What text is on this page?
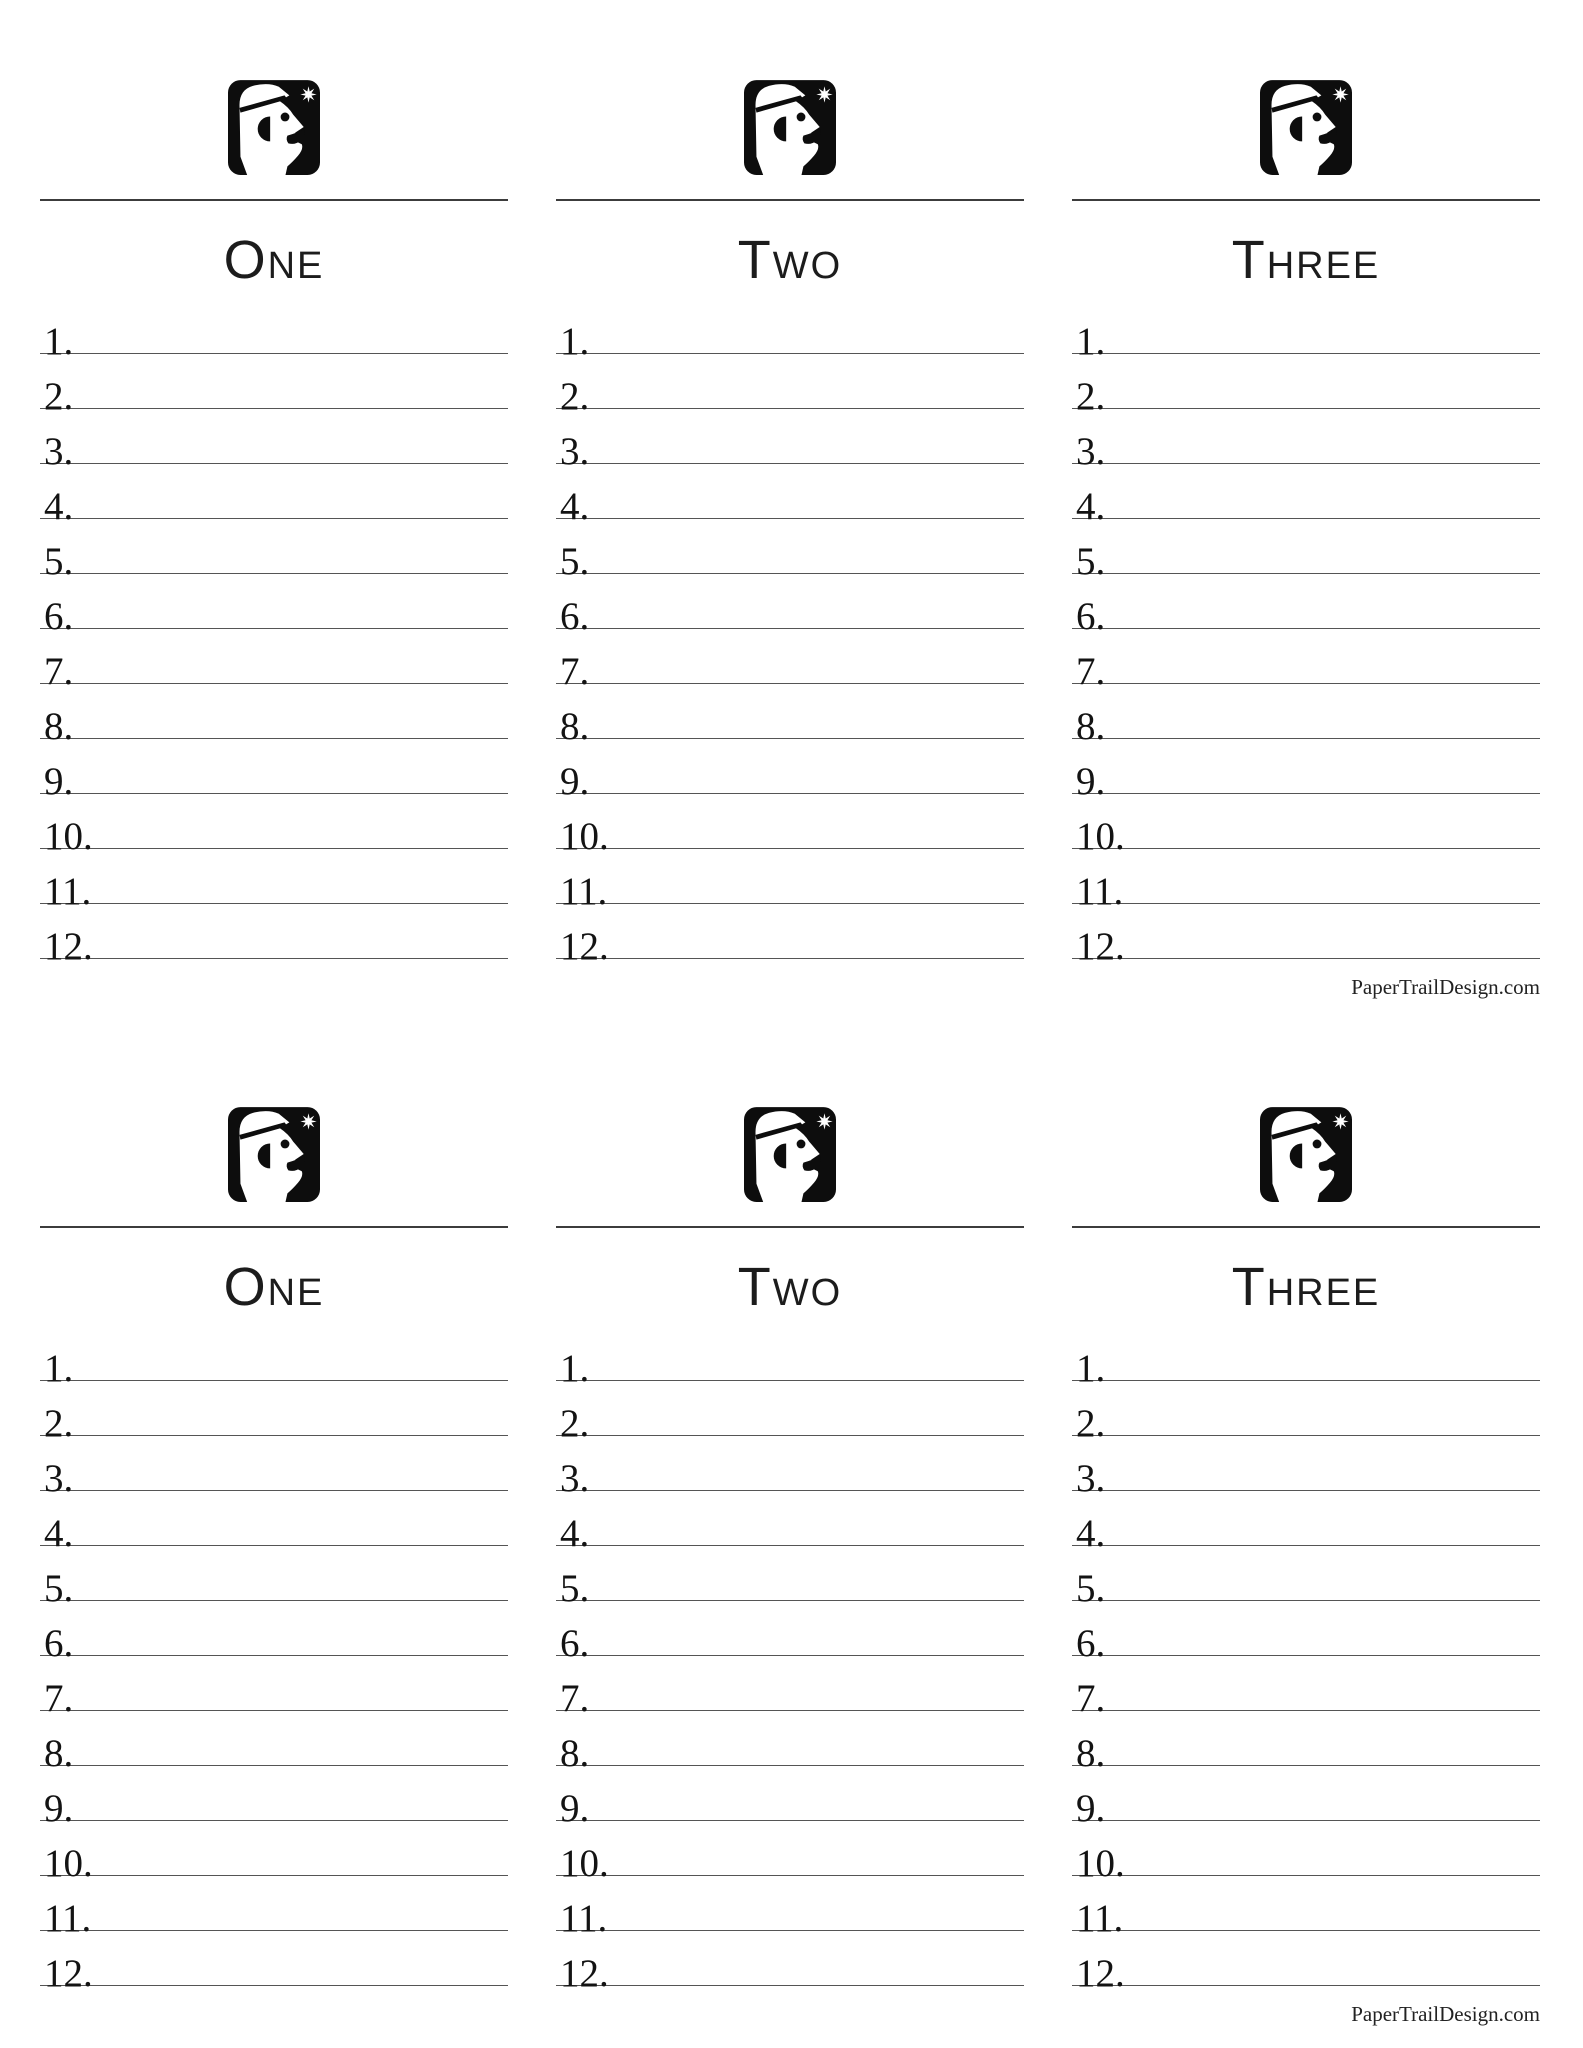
One
1.
2.
3.
4.
5.
6.
7.
8.
9.
10.
11.
12.
Two
1.
2.
3.
4.
5.
6.
7.
8.
9.
10.
11.
12.
Three
1.
2.
3.
4.
5.
6.
7.
8.
9.
10.
11.
12.
PaperTrailDesign.com
One
1.
2.
3.
4.
5.
6.
7.
8.
9.
10.
11.
12.
Two
1.
2.
3.
4.
5.
6.
7.
8.
9.
10.
11.
12.
Three
1.
2.
3.
4.
5.
6.
7.
8.
9.
10.
11.
12.
PaperTrailDesign.com
